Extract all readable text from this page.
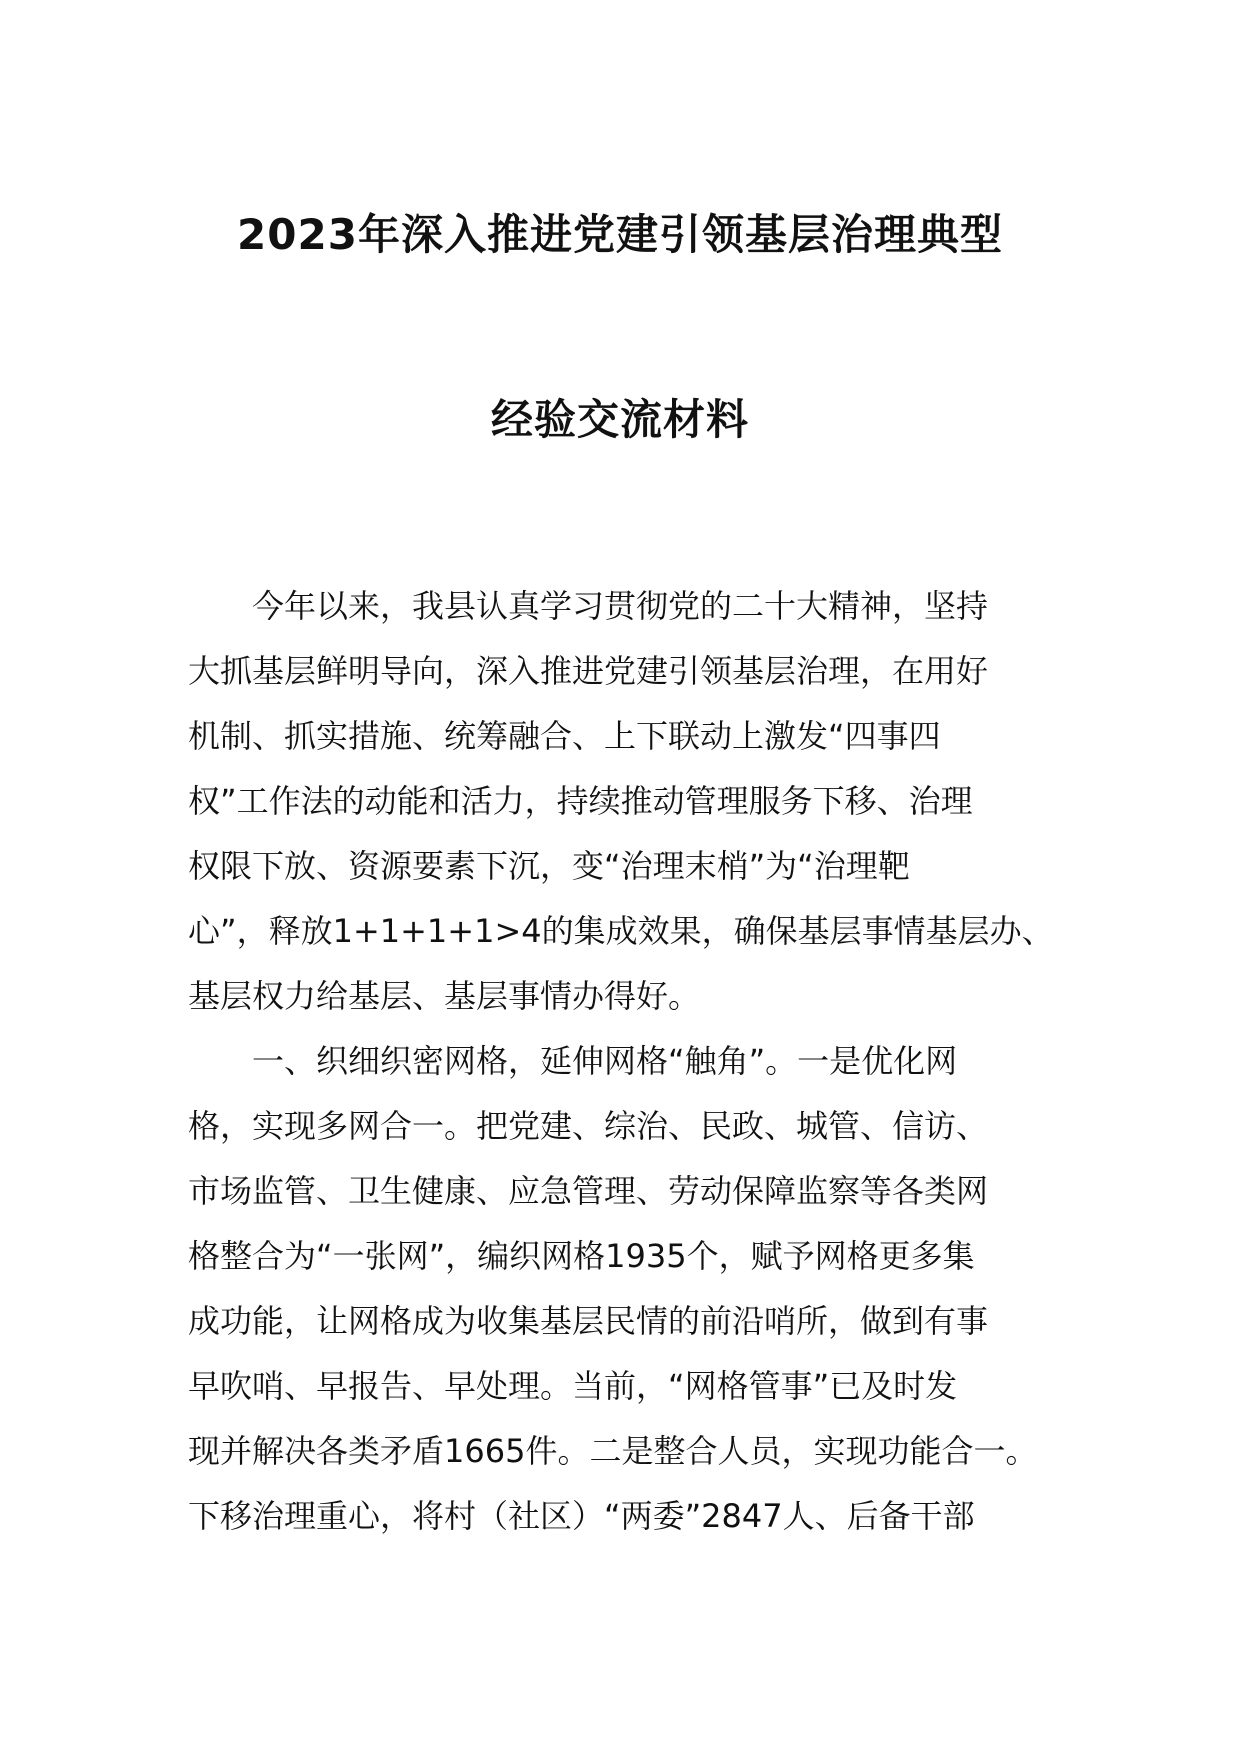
2023年深入推进党建引领基层治理典型
经验交流材料
今年以来，我县认真学习贯彻党的二十大精神，坚持
大抓基层鲜明导向，深入推进党建引领基层治理，在用好
机制、抓实措施、统筹融合、上下联动上激发“四事四
权”工作法的动能和活力，持续推动管理服务下移、治理
权限下放、资源要素下沉，变“治理末梢”为“治理靶
心”，释放1+1+1+1>4的集成效果，确保基层事情基层办、
基层权力给基层、基层事情办得好。
一、织细织密网格，延伸网格“触角”。一是优化网
格，实现多网合一。把党建、综治、民政、城管、信访、
市场监管、卫生健康、应急管理、劳动保障监察等各类网
格整合为“一张网”，编织网格1935个，赋予网格更多集
成功能，让网格成为收集基层民情的前沿哨所，做到有事
早吹哨、早报告、早处理。当前，“网格管事”已及时发
现并解决各类矛盾1665件。二是整合人员，实现功能合一。
下移治理重心，将村（社区）“两委”2847人、后备干部
